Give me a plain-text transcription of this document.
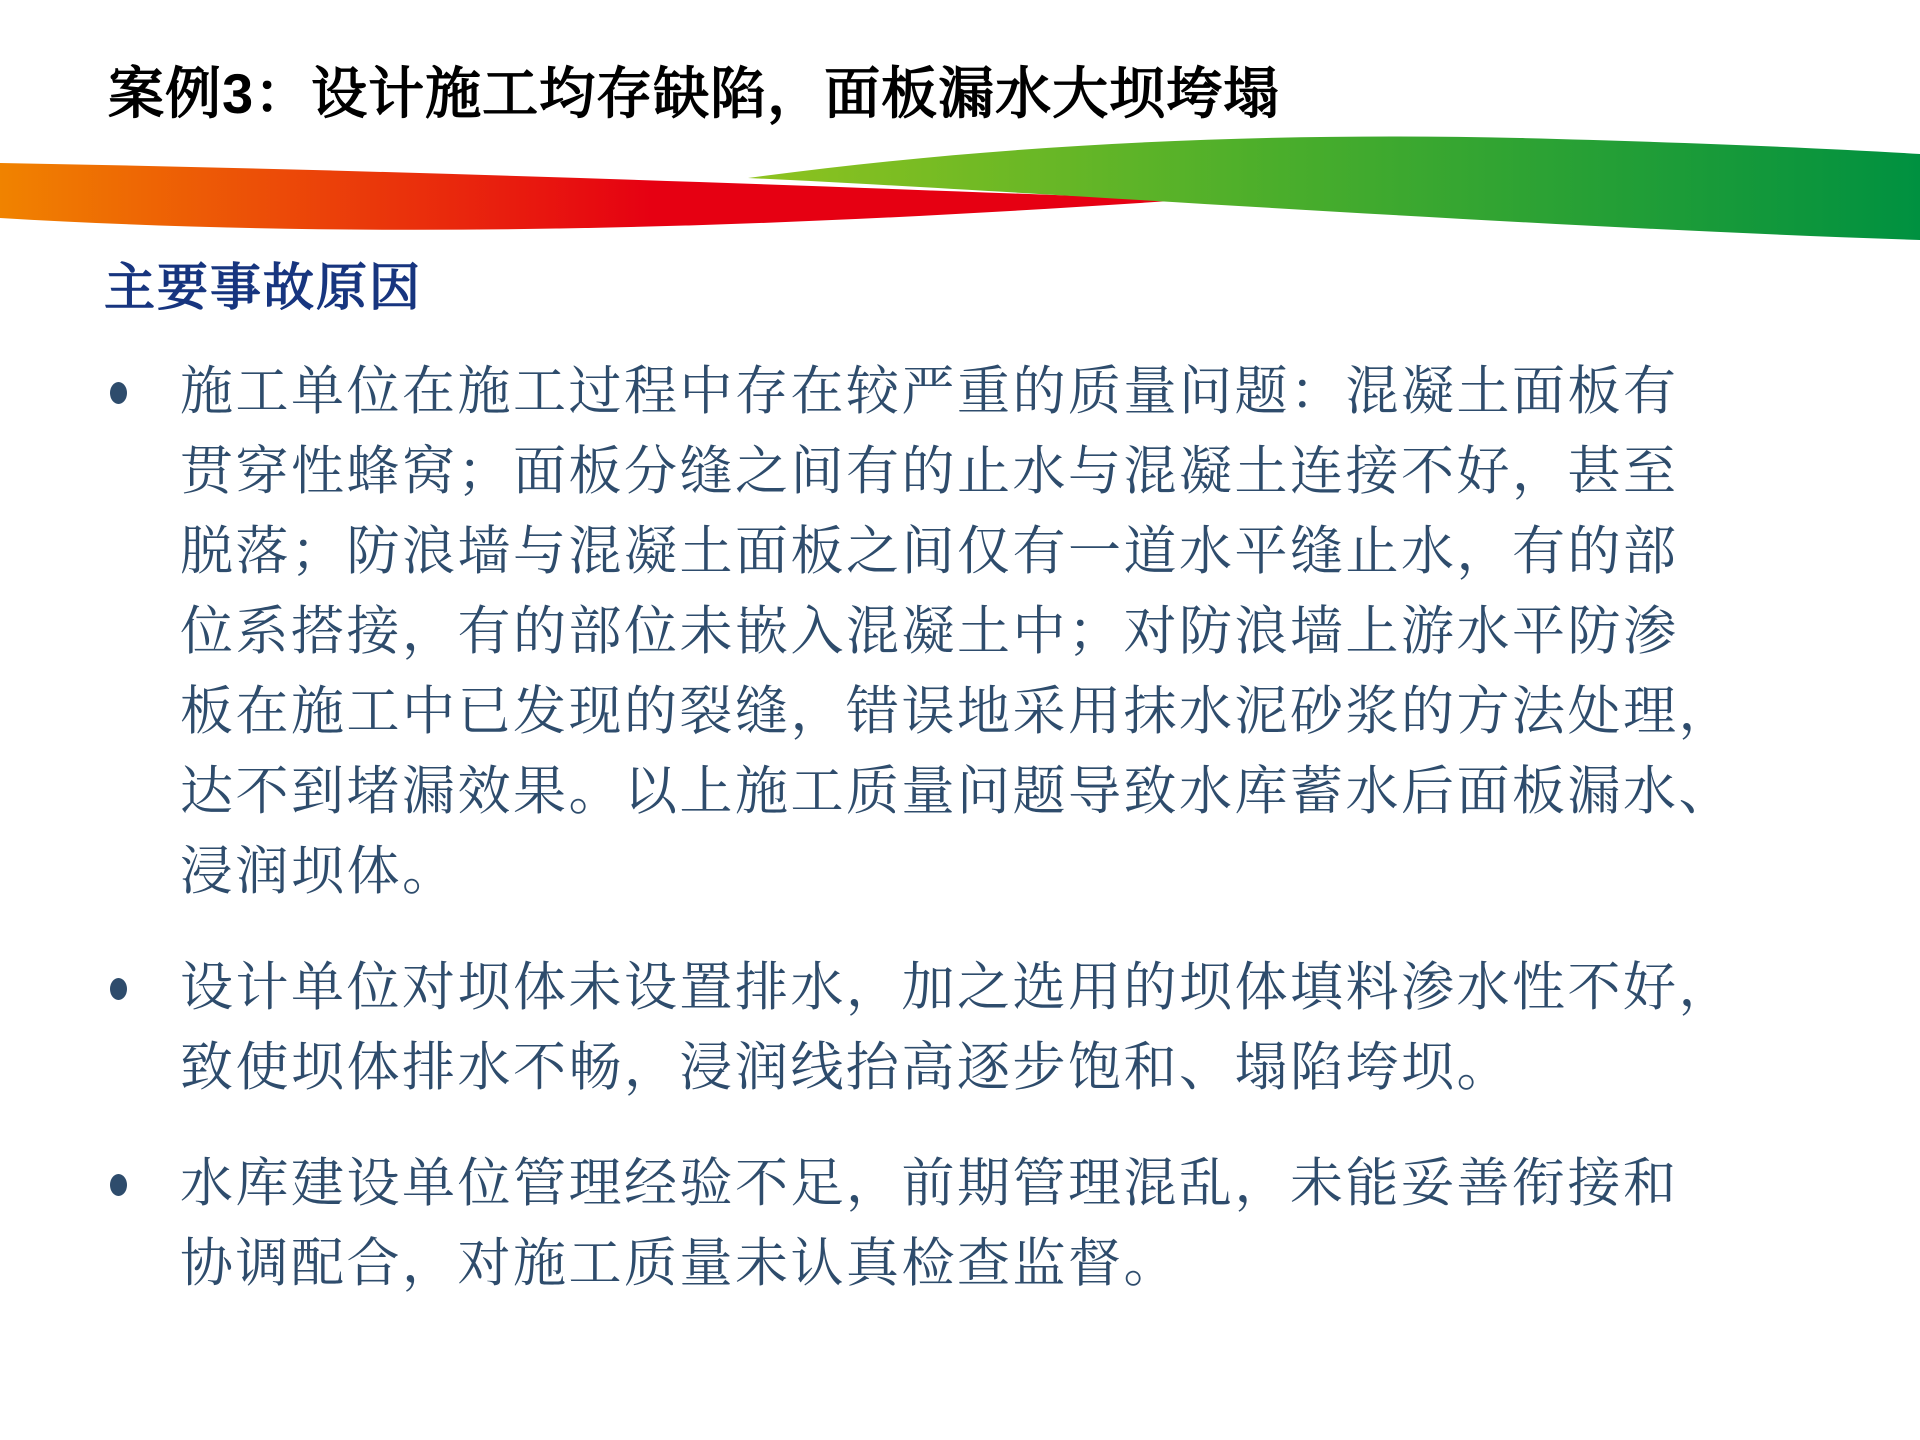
案例3：设计施工均存缺陷，面板漏水大坝垮塌
主要事故原因
施工单位在施工过程中存在较严重的质量问题：混凝土面板有
贯穿性蜂窝；面板分缝之间有的止水与混凝土连接不好，甚至
脱落；防浪墙与混凝土面板之间仅有一道水平缝止水，有的部
位系搭接，有的部位未嵌入混凝土中；对防浪墙上游水平防渗
板在施工中已发现的裂缝，错误地采用抹水泥砂浆的方法处理，
达不到堵漏效果。以上施工质量问题导致水库蓄水后面板漏水、
浸润坝体。
设计单位对坝体未设置排水，加之选用的坝体填料渗水性不好，
致使坝体排水不畅，浸润线抬高逐步饱和、塌陷垮坝。
水库建设单位管理经验不足，前期管理混乱，未能妥善衔接和
协调配合，对施工质量未认真检查监督。
